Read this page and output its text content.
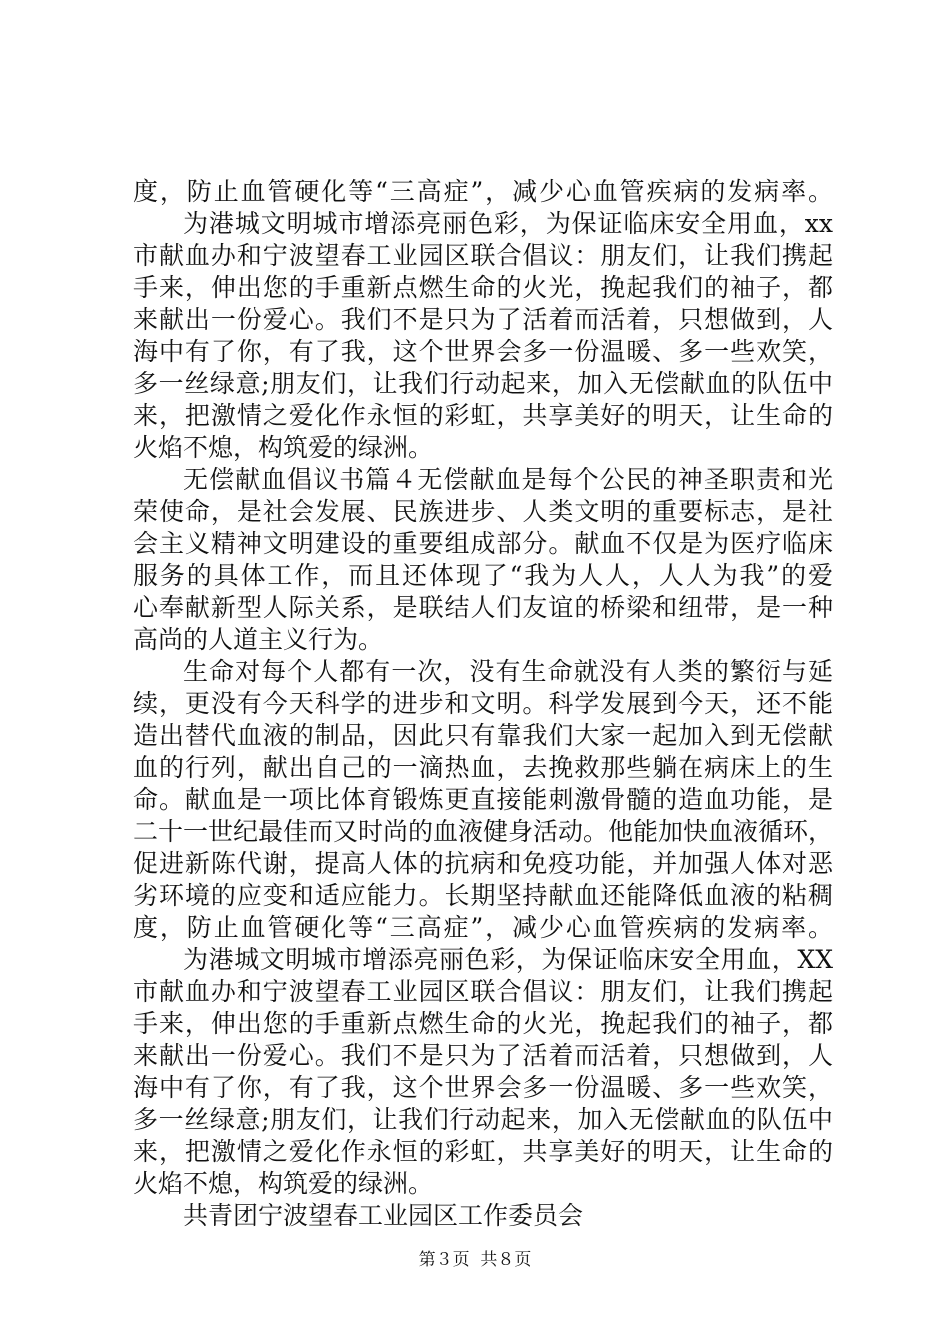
度，防止血管硬化等“三高症”，减少心血管疾病的发病率。
为港城文明城市增添亮丽色彩，为保证临床安全用血，xx
市献血办和宁波望春工业园区联合倡议：朋友们，让我们携起
手来，伸出您的手重新点燃生命的火光，挽起我们的袖子，都
来献出一份爱心。我们不是只为了活着而活着，只想做到，人
海中有了你，有了我，这个世界会多一份温暖、多一些欢笑，
多一丝绿意;朋友们，让我们行动起来，加入无偿献血的队伍中
来，把激情之爱化作永恒的彩虹，共享美好的明天，让生命的
火焰不熄，构筑爱的绿洲。
无偿献血倡议书篇４无偿献血是每个公民的神圣职责和光
荣使命，是社会发展、民族进步、人类文明的重要标志，是社
会主义精神文明建设的重要组成部分。献血不仅是为医疗临床
服务的具体工作，而且还体现了“我为人人，人人为我”的爱
心奉献新型人际关系，是联结人们友谊的桥梁和纽带，是一种
高尚的人道主义行为。
生命对每个人都有一次，没有生命就没有人类的繁衍与延
续，更没有今天科学的进步和文明。科学发展到今天，还不能
造出替代血液的制品，因此只有靠我们大家一起加入到无偿献
血的行列，献出自己的一滴热血，去挽救那些躺在病床上的生
命。献血是一项比体育锻炼更直接能刺激骨髓的造血功能，是
二十一世纪最佳而又时尚的血液健身活动。他能加快血液循环，
促进新陈代谢，提高人体的抗病和免疫功能，并加强人体对恶
劣环境的应变和适应能力。长期坚持献血还能降低血液的粘稠
度，防止血管硬化等“三高症”，减少心血管疾病的发病率。
为港城文明城市增添亮丽色彩，为保证临床安全用血，XX
市献血办和宁波望春工业园区联合倡议：朋友们，让我们携起
手来，伸出您的手重新点燃生命的火光，挽起我们的袖子，都
来献出一份爱心。我们不是只为了活着而活着，只想做到，人
海中有了你，有了我，这个世界会多一份温暖、多一些欢笑，
多一丝绿意;朋友们，让我们行动起来，加入无偿献血的队伍中
来，把激情之爱化作永恒的彩虹，共享美好的明天，让生命的
火焰不熄，构筑爱的绿洲。
共青团宁波望春工业园区工作委员会
第３页  共８页
